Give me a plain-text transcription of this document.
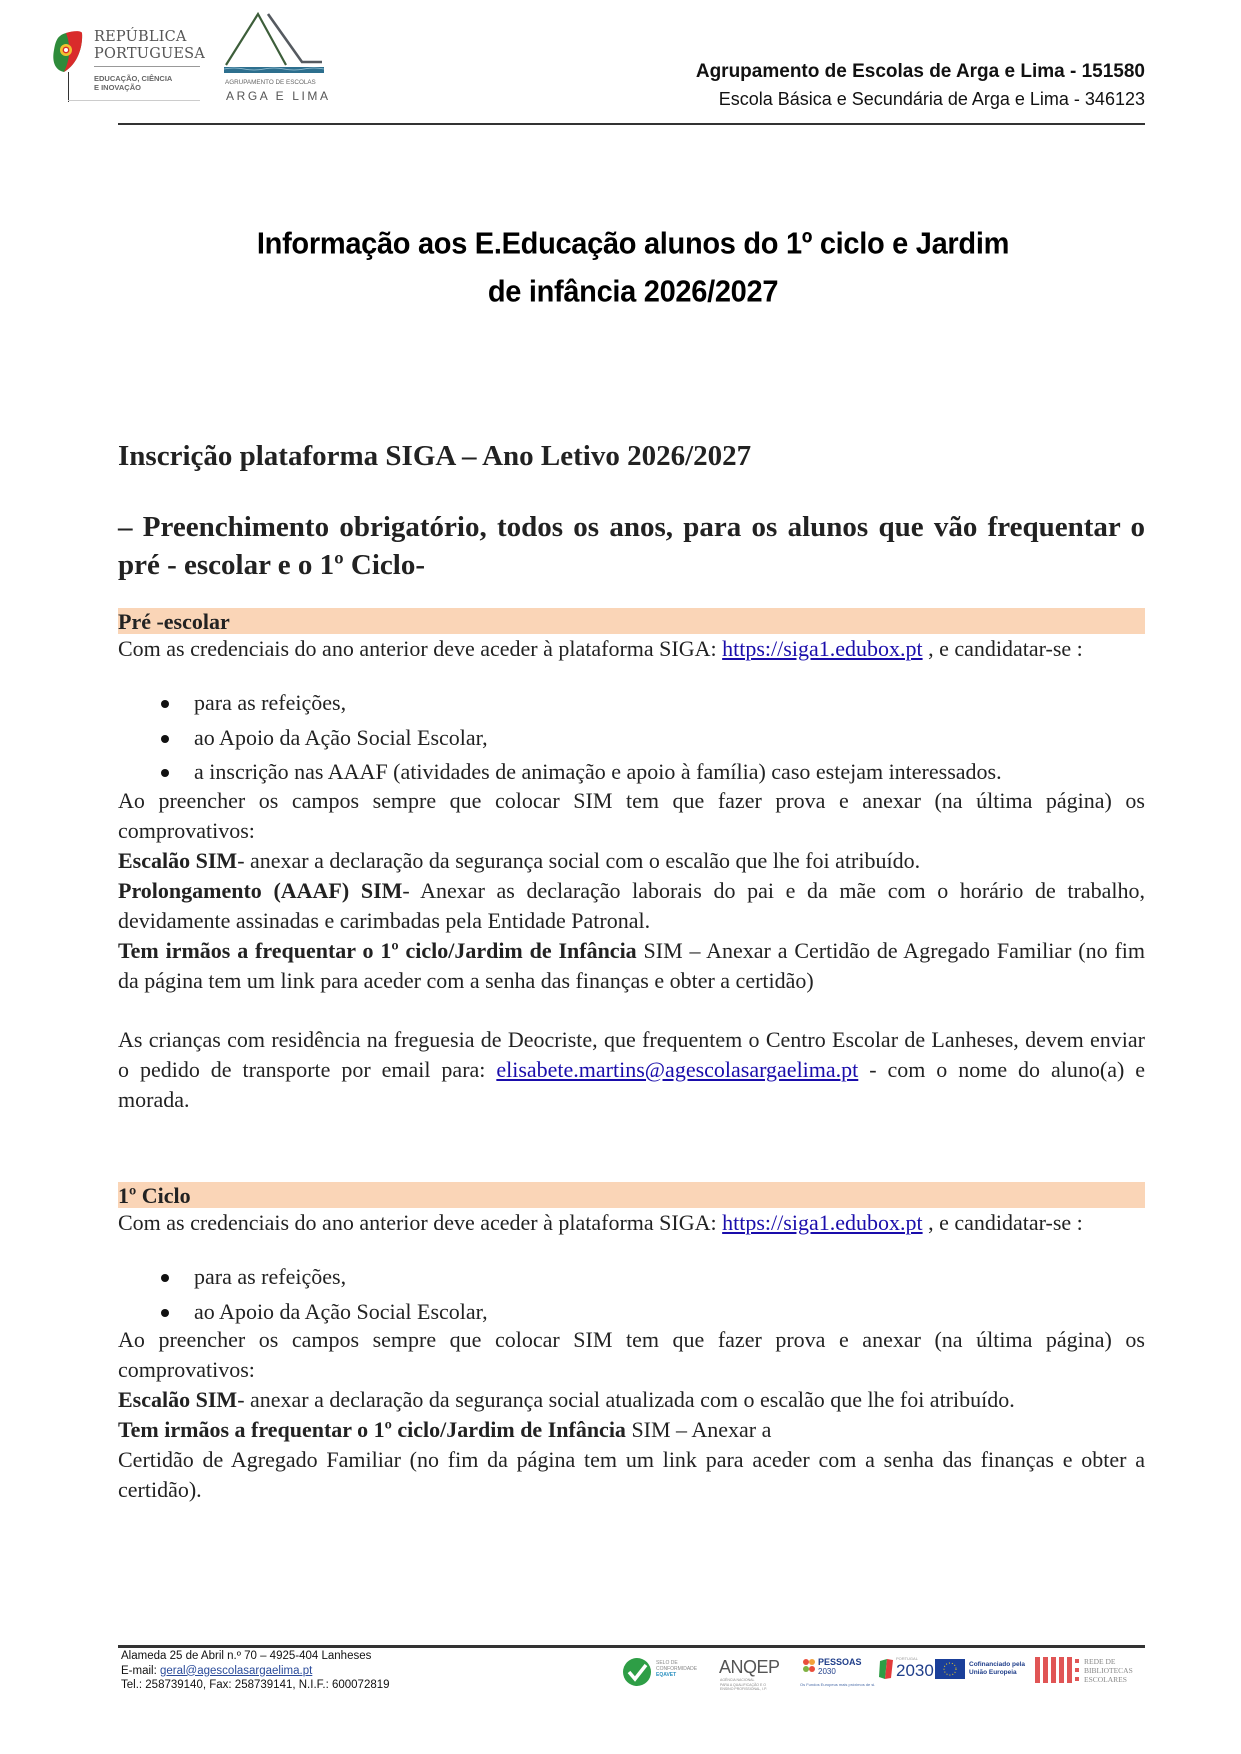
REPÚBLICA
PORTUGUESA
EDUCAÇÃO, CIÊNCIA
E INOVAÇÃO
AGRUPAMENTO DE ESCOLAS
ARGA E LIMA
Agrupamento de Escolas de Arga e Lima - 151580
Escola Básica e Secundária de Arga e Lima - 346123
Informação aos E.Educação alunos do 1º ciclo e Jardim
de infância 2026/2027
Inscrição plataforma SIGA – Ano Letivo 2026/2027
– Preenchimento obrigatório, todos os anos, para os alunos que vão frequentar o pré - escolar e o 1º Ciclo-
Pré -escolar

Com as credenciais do ano anterior deve aceder à plataforma SIGA: https://siga1.edubox.pt , e candidatar-se :

para as refeições,
ao Apoio da Ação Social Escolar,
a inscrição nas AAAF (atividades de animação e apoio à família) caso estejam interessados.

Ao preencher os campos sempre que colocar SIM tem que fazer prova e anexar (na última página) os comprovativos:

Escalão SIM- anexar a declaração da segurança social com o escalão que lhe foi atribuído.

Prolongamento (AAAF) SIM- Anexar as declaração laborais do pai e da mãe com o horário de trabalho, devidamente assinadas e carimbadas pela Entidade Patronal.

Tem irmãos a frequentar o 1º ciclo/Jardim de Infância SIM – Anexar a Certidão de Agregado Familiar (no fim da página tem um link para aceder com a senha das finanças e obter a certidão)

As crianças com residência na freguesia de Deocriste, que frequentem o Centro Escolar de Lanheses, devem enviar o pedido de transporte por email para: elisabete.martins@agescolasargaelima.pt - com o nome do aluno(a) e morada.

1º Ciclo

Com as credenciais do ano anterior deve aceder à plataforma SIGA: https://siga1.edubox.pt , e candidatar-se :

para as refeições,
ao Apoio da Ação Social Escolar,

Ao preencher os campos sempre que colocar SIM tem que fazer prova e anexar (na última página) os comprovativos:

Escalão SIM- anexar a declaração da segurança social atualizada com o escalão que lhe foi atribuído.

Tem irmãos a frequentar o 1º ciclo/Jardim de Infância SIM – Anexar a

Certidão de Agregado Familiar (no fim da página tem um link para aceder com a senha das finanças e obter a certidão).

Alameda 25 de Abril n.º 70 – 4925-404 Lanheses
E-mail: geral@agescolasargaelima.pt
Tel.: 258739140, Fax: 258739141, N.I.F.: 600072819
SELO DE
CONFORMIDADE
EQAVET	ANQEP
AGÊNCIA NACIONAL
PARA A QUALIFICAÇÃO E O
ENSINO PROFISSIONAL, I.P.
PESSOAS
2030
Os Fundos Europeus mais próximos de si.
PORTUGAL
2030	Cofinanciado pela
União Europeia
REDE DE
BIBLIOTECAS
ESCOLARES
